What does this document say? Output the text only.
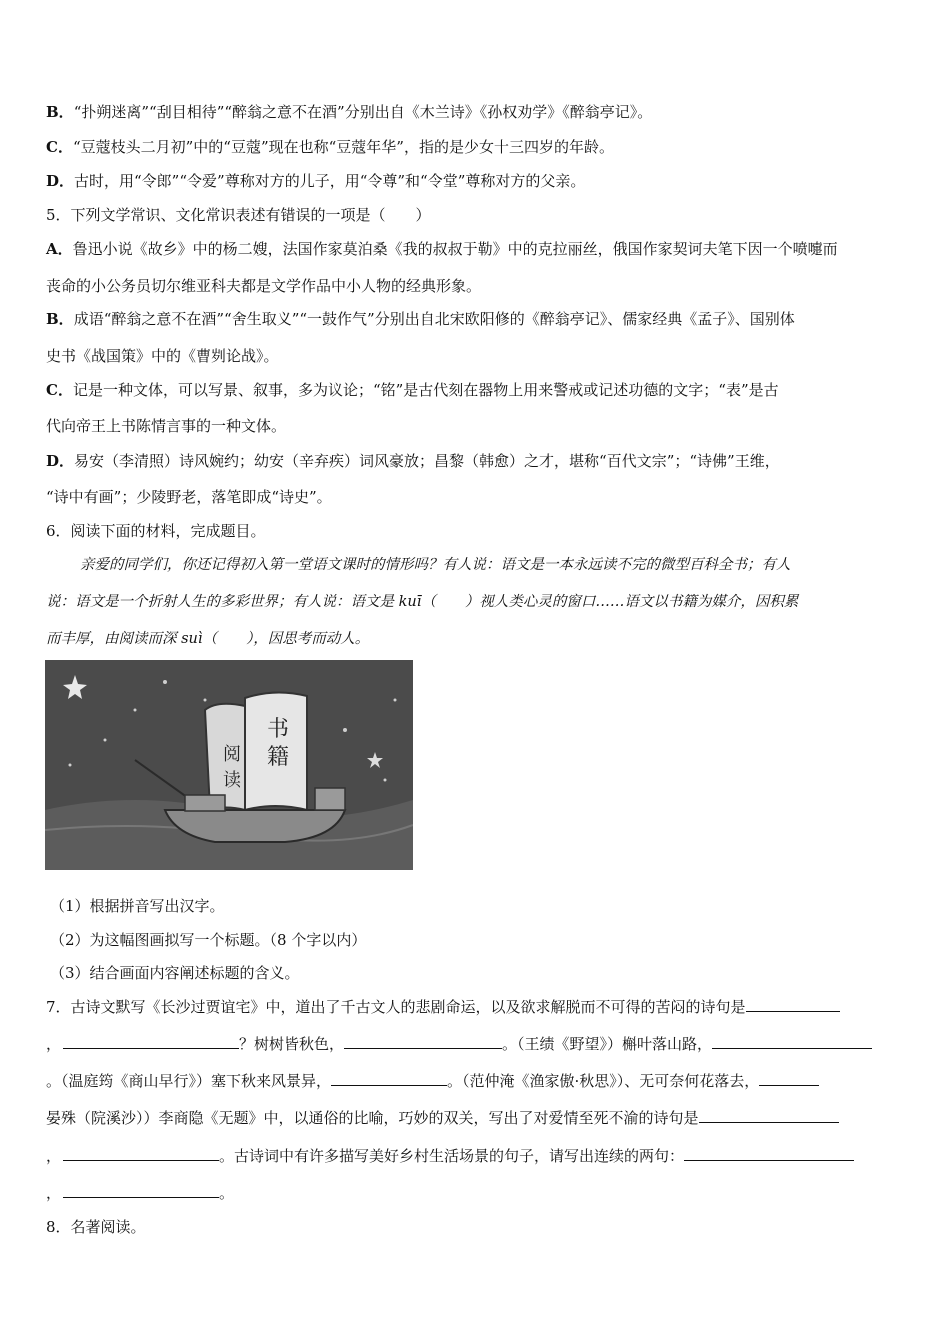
B．“扑朔迷离”“刮目相待”“醉翁之意不在酒”分别出自《木兰诗》《孙权劝学》《醉翁亭记》。
C．“豆蔻枝头二月初”中的“豆蔻”现在也称“豆蔻年华”，指的是少女十三四岁的年龄。
D．古时，用“令郎”“令爱”尊称对方的儿子，用“令尊”和“令堂”尊称对方的父亲。
5．下列文学常识、文化常识表述有错误的一项是（　　）
A．鲁迅小说《故乡》中的杨二嫂，法国作家莫泊桑《我的叔叔于勒》中的克拉丽丝，俄国作家契诃夫笔下因一个喷嚏而
丧命的小公务员切尔维亚科夫都是文学作品中小人物的经典形象。
B．成语“醉翁之意不在酒”“舍生取义”“一鼓作气”分别出自北宋欧阳修的《醉翁亭记》、儒家经典《孟子》、国别体
史书《战国策》中的《曹刿论战》。
C．记是一种文体，可以写景、叙事，多为议论；“铭”是古代刻在器物上用来警戒或记述功德的文字；“表”是古
代向帝王上书陈情言事的一种文体。
D．易安（李清照）诗风婉约；幼安（辛弃疾）词风豪放；昌黎（韩愈）之才，堪称“百代文宗”；“诗佛”王维，
“诗中有画”；少陵野老，落笔即成“诗史”。
6．阅读下面的材料，完成题目。
亲爱的同学们，你还记得初入第一堂语文课时的情形吗？有人说：语文是一本永远读不完的微型百科全书；有人
说：语文是一个折射人生的多彩世界；有人说：语文是 kuī（　　）视人类心灵的窗口……语文以书籍为媒介，因积累
而丰厚，由阅读而深 suì（　　），因思考而动人。
阅
读
书
籍
（1）根据拼音写出汉字。
（2）为这幅图画拟写一个标题。（8 个字以内）
（3）结合画面内容阐述标题的含义。
7．古诗文默写《长沙过贾谊宅》中，道出了千古文人的悲剧命运，以及欲求解脱而不可得的苦闷的诗句是
，	？树树皆秋色，	。（王绩《野望》）槲叶落山路，
。（温庭筠《商山早行》）塞下秋来风景异，	。（范仲淹《渔家傲·秋思》）、无可奈何花落去，
晏殊（院溪沙））李商隐《无题》中，以通俗的比喻，巧妙的双关，写出了对爱情至死不渝的诗句是
，	。古诗词中有许多描写美好乡村生活场景的句子，请写出连续的两句：
，	。
8．名著阅读。
